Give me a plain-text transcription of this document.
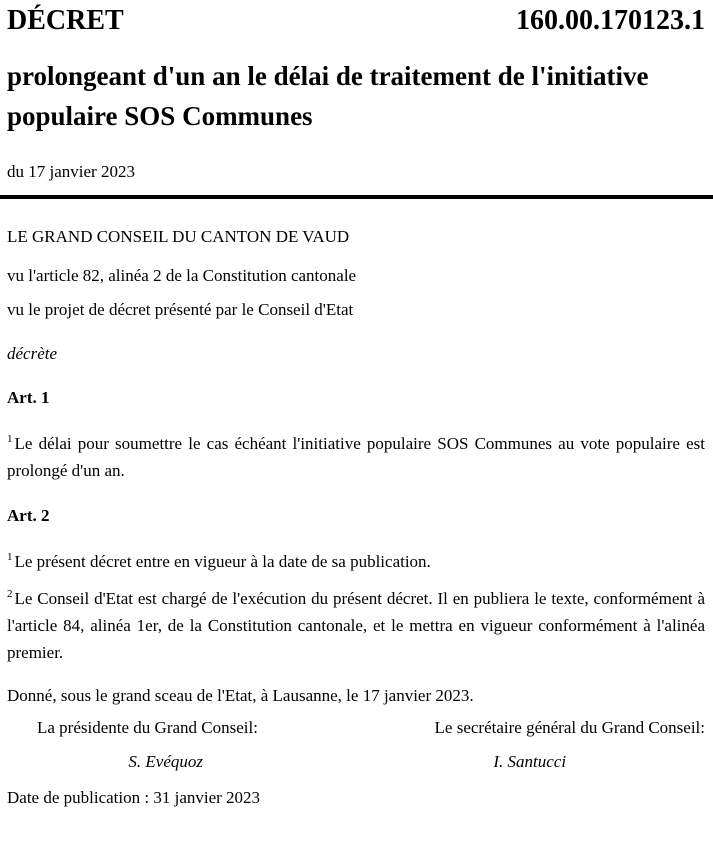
DÉCRET	160.00.170123.1
prolongeant d'un an le délai de traitement de l'initiative populaire SOS Communes
du 17 janvier 2023
LE GRAND CONSEIL DU CANTON DE VAUD
vu l'article 82, alinéa 2 de la Constitution cantonale
vu le projet de décret présenté par le Conseil d'Etat
décrète
Art. 1
$^1$ Le délai pour soumettre le cas échéant l'initiative populaire SOS Communes au vote populaire est prolongé d'un an.
Art. 2
$^1$ Le présent décret entre en vigueur à la date de sa publication.
$^2$ Le Conseil d'Etat est chargé de l'exécution du présent décret. Il en publiera le texte, conformément à l'article 84, alinéa 1er, de la Constitution cantonale, et le mettra en vigueur conformément à l'alinéa premier.
Donné, sous le grand sceau de l'Etat, à Lausanne, le 17 janvier 2023.
La présidente du Grand Conseil:	Le secrétaire général du Grand Conseil:
S. Evéquoz	I. Santucci
Date de publication : 31 janvier 2023
